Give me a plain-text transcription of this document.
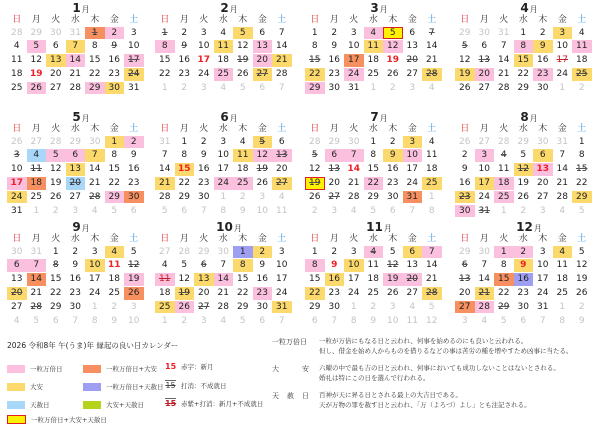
1月
日	月	火	水	木	金	土
28 29 30 31	1	2	3
4	5	6	7	8	9	10
11 12 13 14 15 16 17
18 19 20 21 22 23 24
25 26 27 28 29 30 31
2月
日	月	火	水	木	金	土
1	2	3	4	5	6	7
8	9	10 11 12 13 14
15 16 17 18 19 20 21
22 23 24 25 26 27 28
1	2	3	4	5	6	7
3月
日	月	火	水	木	金	土
1	2	3	4	5	6	7
8	9	10 11 12 13 14
15 16 17 18 19 20 21
22 23 24 25 26 27 28
29 30 31	1	2	3	4
4月
日	月	火	水	木	金	土
29 30 31	1	2	3	4
5	6	7	8	9	10 11
12 13 14 15 16 17 18
19 20 21 22 23 24 25
26 27 28 29 30	1	2
5月
日	月	火	水	木	金	土
26 27 28 29 30	1	2
3	4	5	6	7	8	9
10 11 12 13 14 15 16
17 18 19 20 21 22 23
24 25 26 27 28 29 30
31	1	2	3	4	5	6
6月
日	月	火	水	木	金	土
31	1	2	3	4	5	6
7	8	9	10 11 12 13
14 15 16 17 18 19 20
21 22 23 24 25 26 27
28 29 30	1	2	3	4
5	6	7	8	9	10 11
7月
日	月	火	水	木	金	土
28 29 30	1	2	3	4
5	6	7	8	9	10 11
12 13 14 15 16 17 18
19 20 21 22 23 24 25
26 27 28 29 30 31	1
2	3	4	5	6	7	8
8月
日	月	火	水	木	金	土
26 27 28 29 30 31	1
2	3	4	5	6	7	8
9	10 11 12 13 14 15
16 17 18 19 20 21 22
23 24 25 26 27 28 29
30 31	1	2	3	4	5
9月
日	月	火	水	木	金	土
30 31	1	2	3	4	5
6	7	8	9	10 11 12
13 14 15 16 17 18 19
20 21 22 23 24 25 26
27 28 29 30	1	2	3
4	5	6	7	8	9	10
10月
日	月	火	水	木	金	土
27 28 29 30	1	2	3
4	5	6	7	8	9	10
11 12 13 14 15 16 17
18 19 20 21 22 23 24
25 26 27 28 29 30 31
1	2	3	4	5	6	7
11月
日	月	火	水	木	金	土
1	2	3	4	5	6	7
8	9	10 11 12 13 14
15 16 17 18 19 20 21
22 23 24 25 26 27 28
29 30	1	2	3	4	5
6	7	8	9	10 11 12
12月
日	月	火	水	木	金	土
29 30	1	2	3	4	5
6	7	8	9	10 11 12
13 14 15 16 17 18 19
20 21 22 23 24 25 26
27 28 29 30 31	1	2
3	4	5	6	7	8	9
2026 令和8年 午(うま)年 縁起の良い日カレンダー
一粒万倍日
大安
天赦日
一粒万倍日+大安+天赦日
一粒万倍日+大安
一粒万倍日+天赦日
大安+天赦日
15 赤字：新月
15 打消：不成就日
15 赤紫+打消：新月+不成就日
一粒万倍日	一粒が万倍にもなる日と云われ、何事を始めるのにも良いと云われる。
但し、借金を始め人からものを借りるなどの事は苦労の種を増やすため凶事に当たる。
大	安 六曜の中で最も吉の日と云われ、何事においても成功しないことはないとされる。
婚礼は特にこの日を選んで行われる。
天 赦 日 百神が天に昇る日とされる最上の大吉日である。
天が万物の罪を赦す日と云われ、「万（よろづ）よし」とも注記される。
